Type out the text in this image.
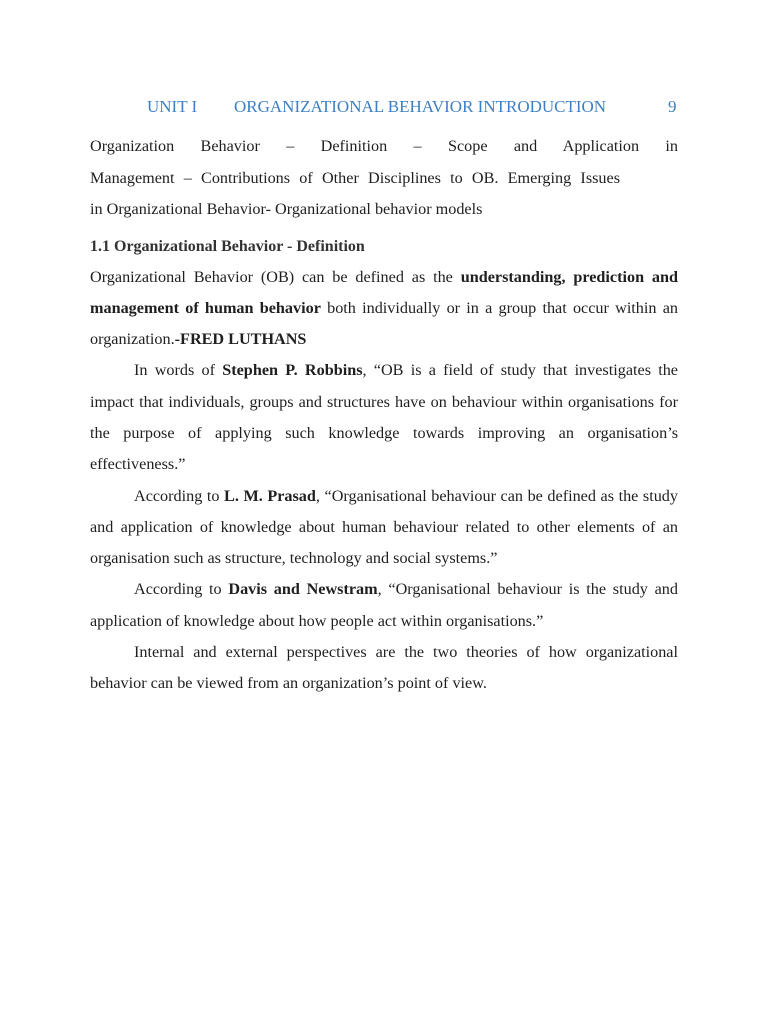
UNIT I ORGANIZATIONAL BEHAVIOR INTRODUCTION	9

Organization Behavior – Definition – Scope and Application in

Management – Contributions of Other Disciplines to OB. Emerging Issues

in Organizational Behavior- Organizational behavior models

1.1 Organizational Behavior - Definition

Organizational Behavior (OB) can be defined as the understanding, prediction and management of human behavior both individually or in a group that occur within an organization.-FRED LUTHANS

In words of Stephen P. Robbins, “OB is a field of study that investigates the impact that individuals, groups and structures have on behaviour within organisations for the purpose of applying such knowledge towards improving an organisation’s effectiveness.”

According to L. M. Prasad, “Organisational behaviour can be defined as the study and application of knowledge about human behaviour related to other elements of an organisation such as structure, technology and social systems.”

According to Davis and Newstram, “Organisational behaviour is the study and application of knowledge about how people act within organisations.”

Internal and external perspectives are the two theories of how organizational behavior can be viewed from an organization’s point of view.
